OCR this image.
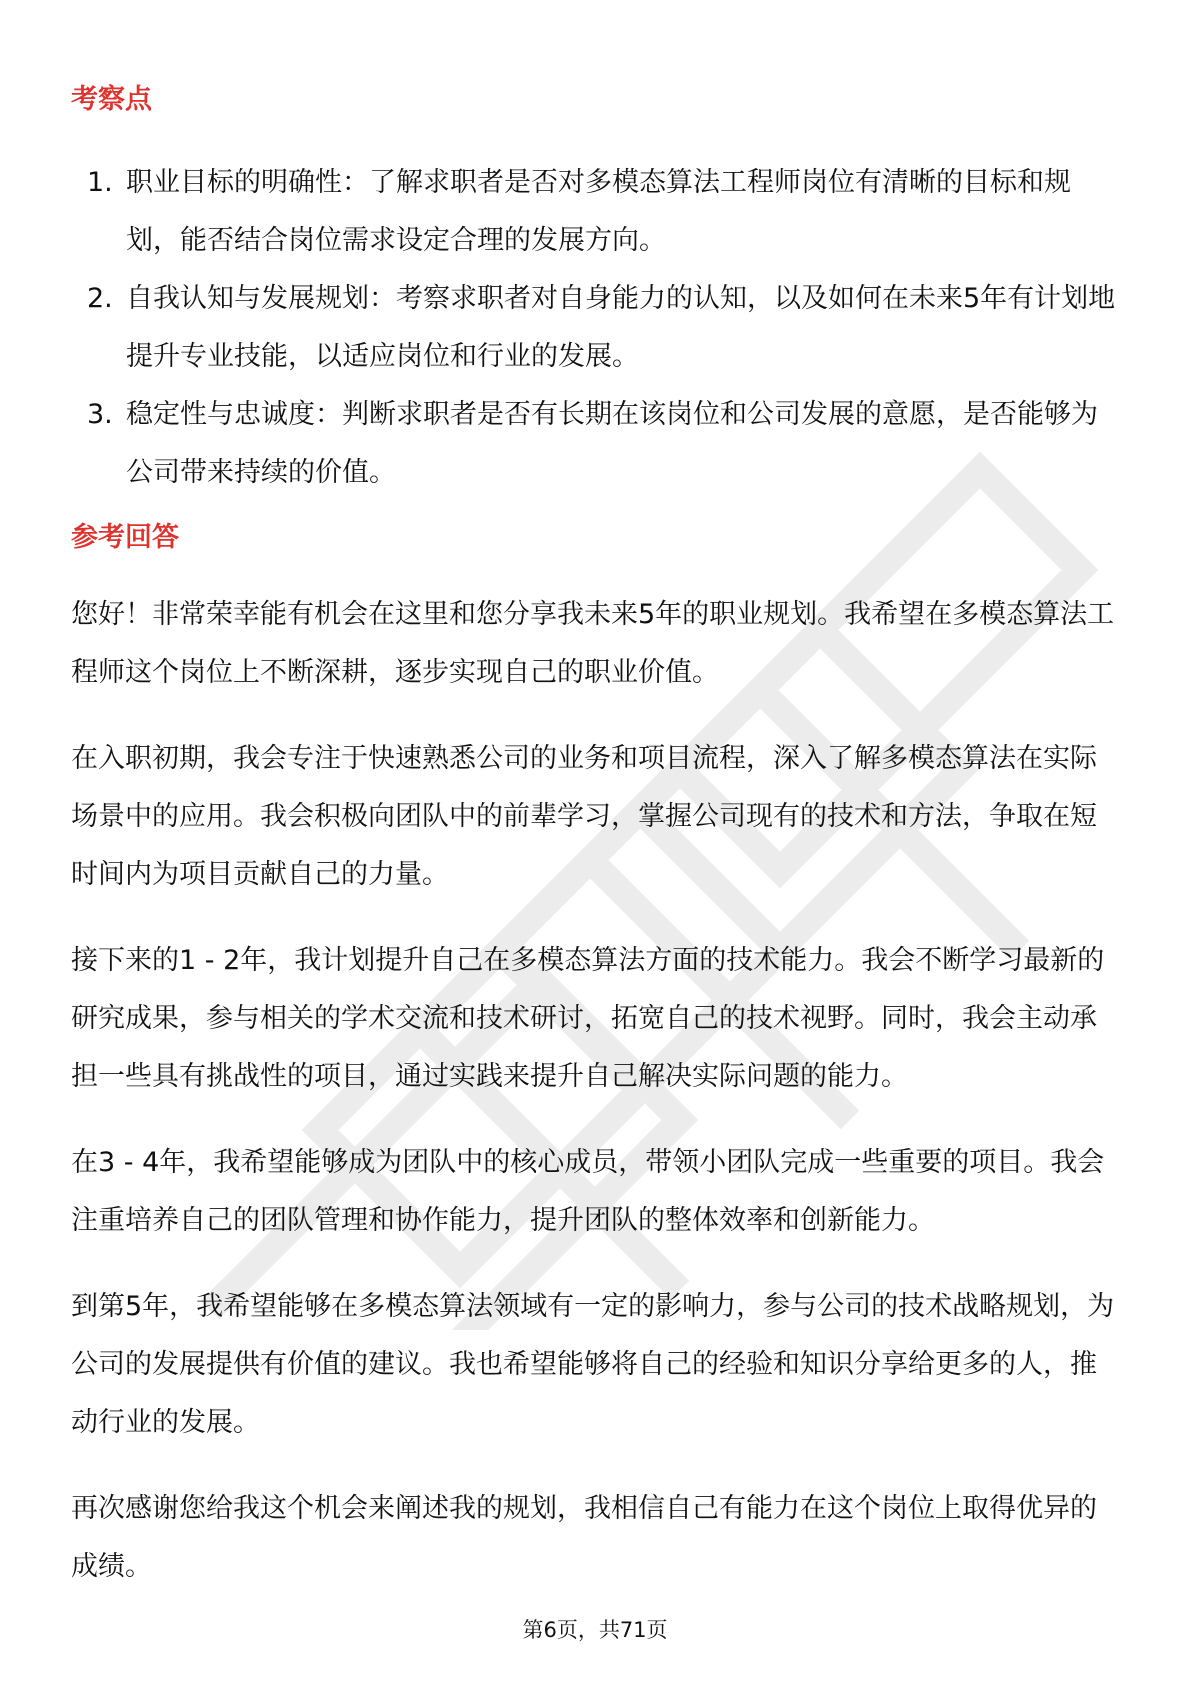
考察点
1. 职业目标的明确性：了解求职者是否对多模态算法工程师岗位有清晰的目标和规划，能否结合岗位需求设定合理的发展方向。
2. 自我认知与发展规划：考察求职者对自身能力的认知，以及如何在未来5年有计划地提升专业技能，以适应岗位和行业的发展。
3. 稳定性与忠诚度：判断求职者是否有长期在该岗位和公司发展的意愿，是否能够为公司带来持续的价值。
参考回答

您好！非常荣幸能有机会在这里和您分享我未来5年的职业规划。我希望在多模态算法工程师这个岗位上不断深耕，逐步实现自己的职业价值。

在入职初期，我会专注于快速熟悉公司的业务和项目流程，深入了解多模态算法在实际场景中的应用。我会积极向团队中的前辈学习，掌握公司现有的技术和方法，争取在短时间内为项目贡献自己的力量。

接下来的1 - 2年，我计划提升自己在多模态算法方面的技术能力。我会不断学习最新的研究成果，参与相关的学术交流和技术研讨，拓宽自己的技术视野。同时，我会主动承担一些具有挑战性的项目，通过实践来提升自己解决实际问题的能力。

在3 - 4年，我希望能够成为团队中的核心成员，带领小团队完成一些重要的项目。我会注重培养自己的团队管理和协作能力，提升团队的整体效率和创新能力。

到第5年，我希望能够在多模态算法领域有一定的影响力，参与公司的技术战略规划，为公司的发展提供有价值的建议。我也希望能够将自己的经验和知识分享给更多的人，推动行业的发展。

再次感谢您给我这个机会来阐述我的规划，我相信自己有能力在这个岗位上取得优异的成绩。

第6页，共71页
